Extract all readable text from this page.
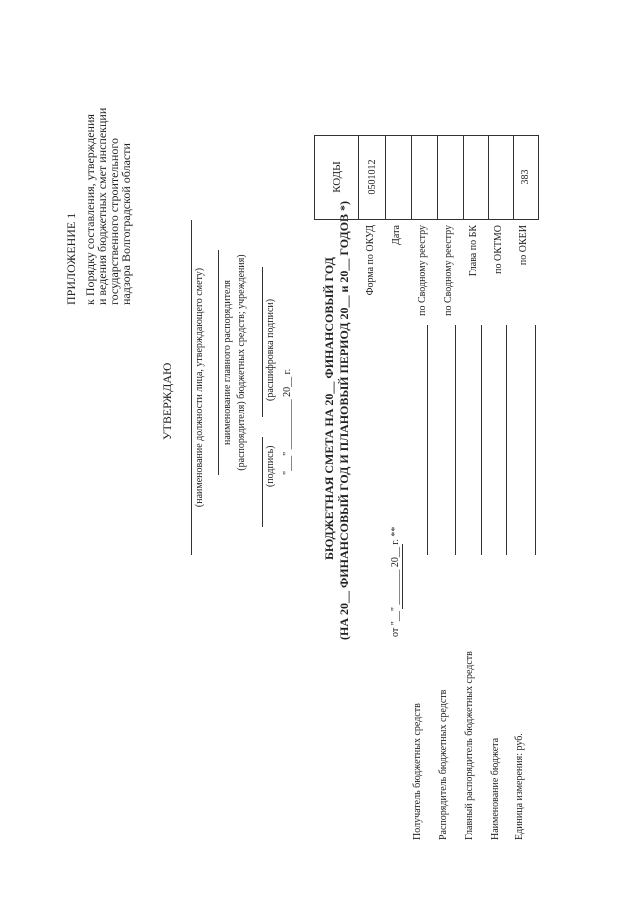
ПРИЛОЖЕНИЕ 1 к Порядку составления, утверждения
и ведения бюджетных смет инспекции
государственного строительного
надзора Волгоградской области
УТВЕРЖДАЮ (наименование должности лица, утверждающего смету) наименование главного распорядителя (распорядителя) бюджетных средств; учреждения) (подпись)
(расшифровка подписи)
"___" __________ 20__ г. БЮДЖЕТНАЯ СМЕТА НА 20__ ФИНАНСОВЫЙ ГОД (НА 20__ ФИНАНСОВЫЙ ГОД И ПЛАНОВЫЙ ПЕРИОД 20__ и 20__ ГОДОВ *)	от "__" _______ 20__ г. **
Получатель бюджетных средств Распорядитель бюджетных средств Главный распорядитель бюджетных средств Наименование бюджета Единица измерения: руб.
Форма по ОКУД Дата по Сводному реестру по Сводному реестру Глава по БК по ОКТМО по ОКЕИ
КОДЫ 0501012	383
